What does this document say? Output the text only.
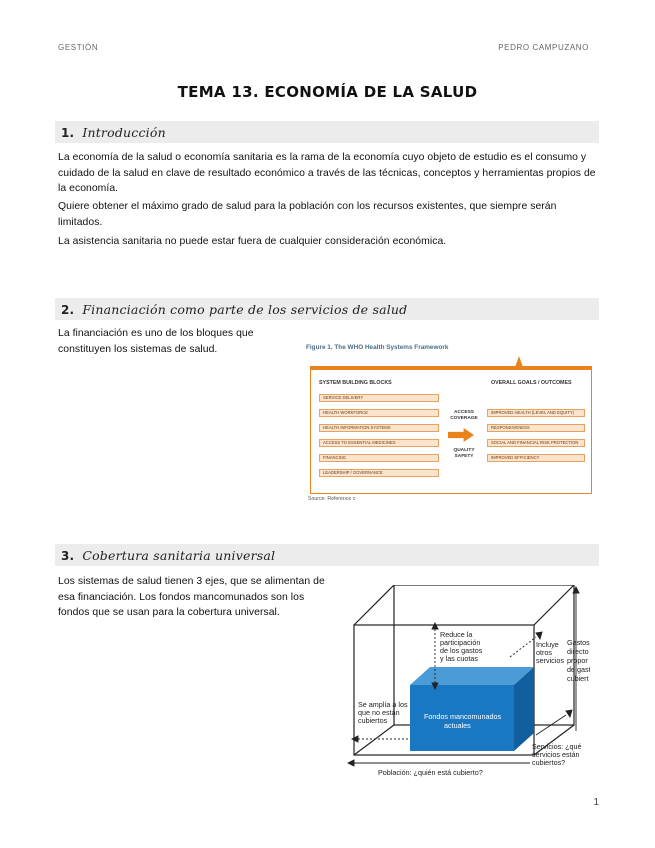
GESTIÓN	PEDRO CAMPUZANO
TEMA 13. ECONOMÍA DE LA SALUD
1. Introducción
La economía de la salud o economía sanitaria es la rama de la economía cuyo objeto de estudio es el consumo y cuidado de la salud en clave de resultado económico a través de las técnicas, conceptos y herramientas propios de la economía.
Quiere obtener el máximo grado de salud para la población con los recursos existentes, que siempre serán limitados.
La asistencia sanitaria no puede estar fuera de cualquier consideración económica.
2. Financiación como parte de los servicios de salud
La financiación es uno de los bloques que constituyen los sistemas de salud.	Figure 1. The WHO Health Systems Framework
SYSTEM BUILDING BLOCKS	OVERALL GOALS / OUTCOMES
SERVICE DELIVERY
HEALTH WORKFORCE
HEALTH INFORMATION SYSTEMS
ACCESS TO ESSENTIAL MEDICINES
FINANCING
LEADERSHIP / GOVERNANCE
ACCESS COVERAGE
QUALITY SAFETY
IMPROVED HEALTH (LEVEL AND EQUITY)
RESPONSIVENESS
SOCIAL AND FINANCIAL RISK PROTECTION
IMPROVED EFFICIENCY
Source: Reference c
3. Cobertura sanitaria universal
Los sistemas de salud tienen 3 ejes, que se alimentan de esa financiación. Los fondos mancomunados son los fondos que se usan para la cobertura universal.
Reduce la
participación
de los gastos
y las cuotas
Incluye
otros
servicios
Gastos
directo
propor
de gast
cubiert
Se amplía a los
que no están
cubiertos	Fondos mancomunados
actuales
Servicios: ¿qué
servicios están
cubiertos?
Población: ¿quién está cubierto?
1
